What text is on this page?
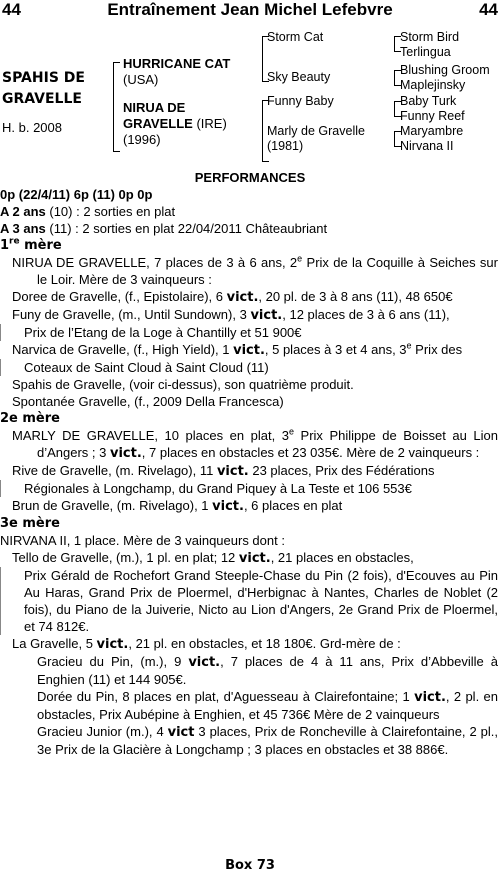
44	Entraînement Jean Michel Lefebvre	44
SPAHIS DE
GRAVELLE
H. b. 2008
HURRICANE CAT
(USA)
NIRUA DE
GRAVELLE (IRE)
(1996)
Storm Cat
Sky Beauty
Funny Baby
Marly de Gravelle
(1981)
Storm Bird
Terlingua
Blushing Groom
Maplejinsky
Baby Turk
Funny Reef
Maryambre
Nirvana II
PERFORMANCES

0p (22/4/11) 6p (11) 0p 0p

A 2 ans (10) : 2 sorties en plat

A 3 ans (11) : 2 sorties en plat 22/04/2011 Châteaubriant

1re mère

NIRUA DE GRAVELLE, 7 places de 3 à 6 ans, 2e Prix de la Coquille à Seiches sur le Loir. Mère de 3 vainqueurs :

Doree de Gravelle, (f., Epistolaire), 6 vict., 20 pl. de 3 à 8 ans (11), 48 650€

Funy de Gravelle, (m., Until Sundown), 3 vict., 12 places de 3 à 6 ans (11),

Prix de l’Etang de la Loge à Chantilly et 51 900€

Narvica de Gravelle, (f., High Yield), 1 vict., 5 places à 3 et 4 ans, 3e Prix des

Coteaux de Saint Cloud à Saint Cloud (11)

Spahis de Gravelle, (voir ci-dessus), son quatrième produit.

Spontanée Gravelle, (f., 2009 Della Francesca)

2e mère

MARLY DE GRAVELLE, 10 places en plat, 3e Prix Philippe de Boisset au Lion d’Angers ; 3 vict., 7 places en obstacles et 23 035€. Mère de 2 vainqueurs :

Rive de Gravelle, (m. Rivelago), 11 vict. 23 places, Prix des Fédérations

Régionales à Longchamp, du Grand Piquey à La Teste et 106 553€

Brun de Gravelle, (m. Rivelago), 1 vict., 6 places en plat

3e mère

NIRVANA II, 1 place. Mère de 3 vainqueurs dont :

Tello de Gravelle, (m.), 1 pl. en plat; 12 vict., 21 places en obstacles,

Prix Gérald de Rochefort Grand Steeple-Chase du Pin (2 fois), d'Ecouves au Pin Au Haras, Grand Prix de Ploermel, d'Herbignac à Nantes, Charles de Noblet (2 fois), du Piano de la Juiverie, Nicto au Lion d'Angers, 2e Grand Prix de Ploermel, et 74 812€.

La Gravelle, 5 vict., 21 pl. en obstacles, et 18 180€. Grd-mère de :

Gracieu du Pin, (m.), 9 vict., 7 places de 4 à 11 ans, Prix d’Abbeville à Enghien (11) et 144 905€.

Dorée du Pin, 8 places en plat, d'Aguesseau à Clairefontaine; 1 vict., 2 pl. en obstacles, Prix Aubépine à Enghien, et 45 736€ Mère de 2 vainqueurs

Gracieu Junior (m.), 4 vict 3 places, Prix de Roncheville à Clairefontaine, 2 pl., 3e Prix de la Glacière à Longchamp ; 3 places en obstacles et 38 886€.

Box 73
